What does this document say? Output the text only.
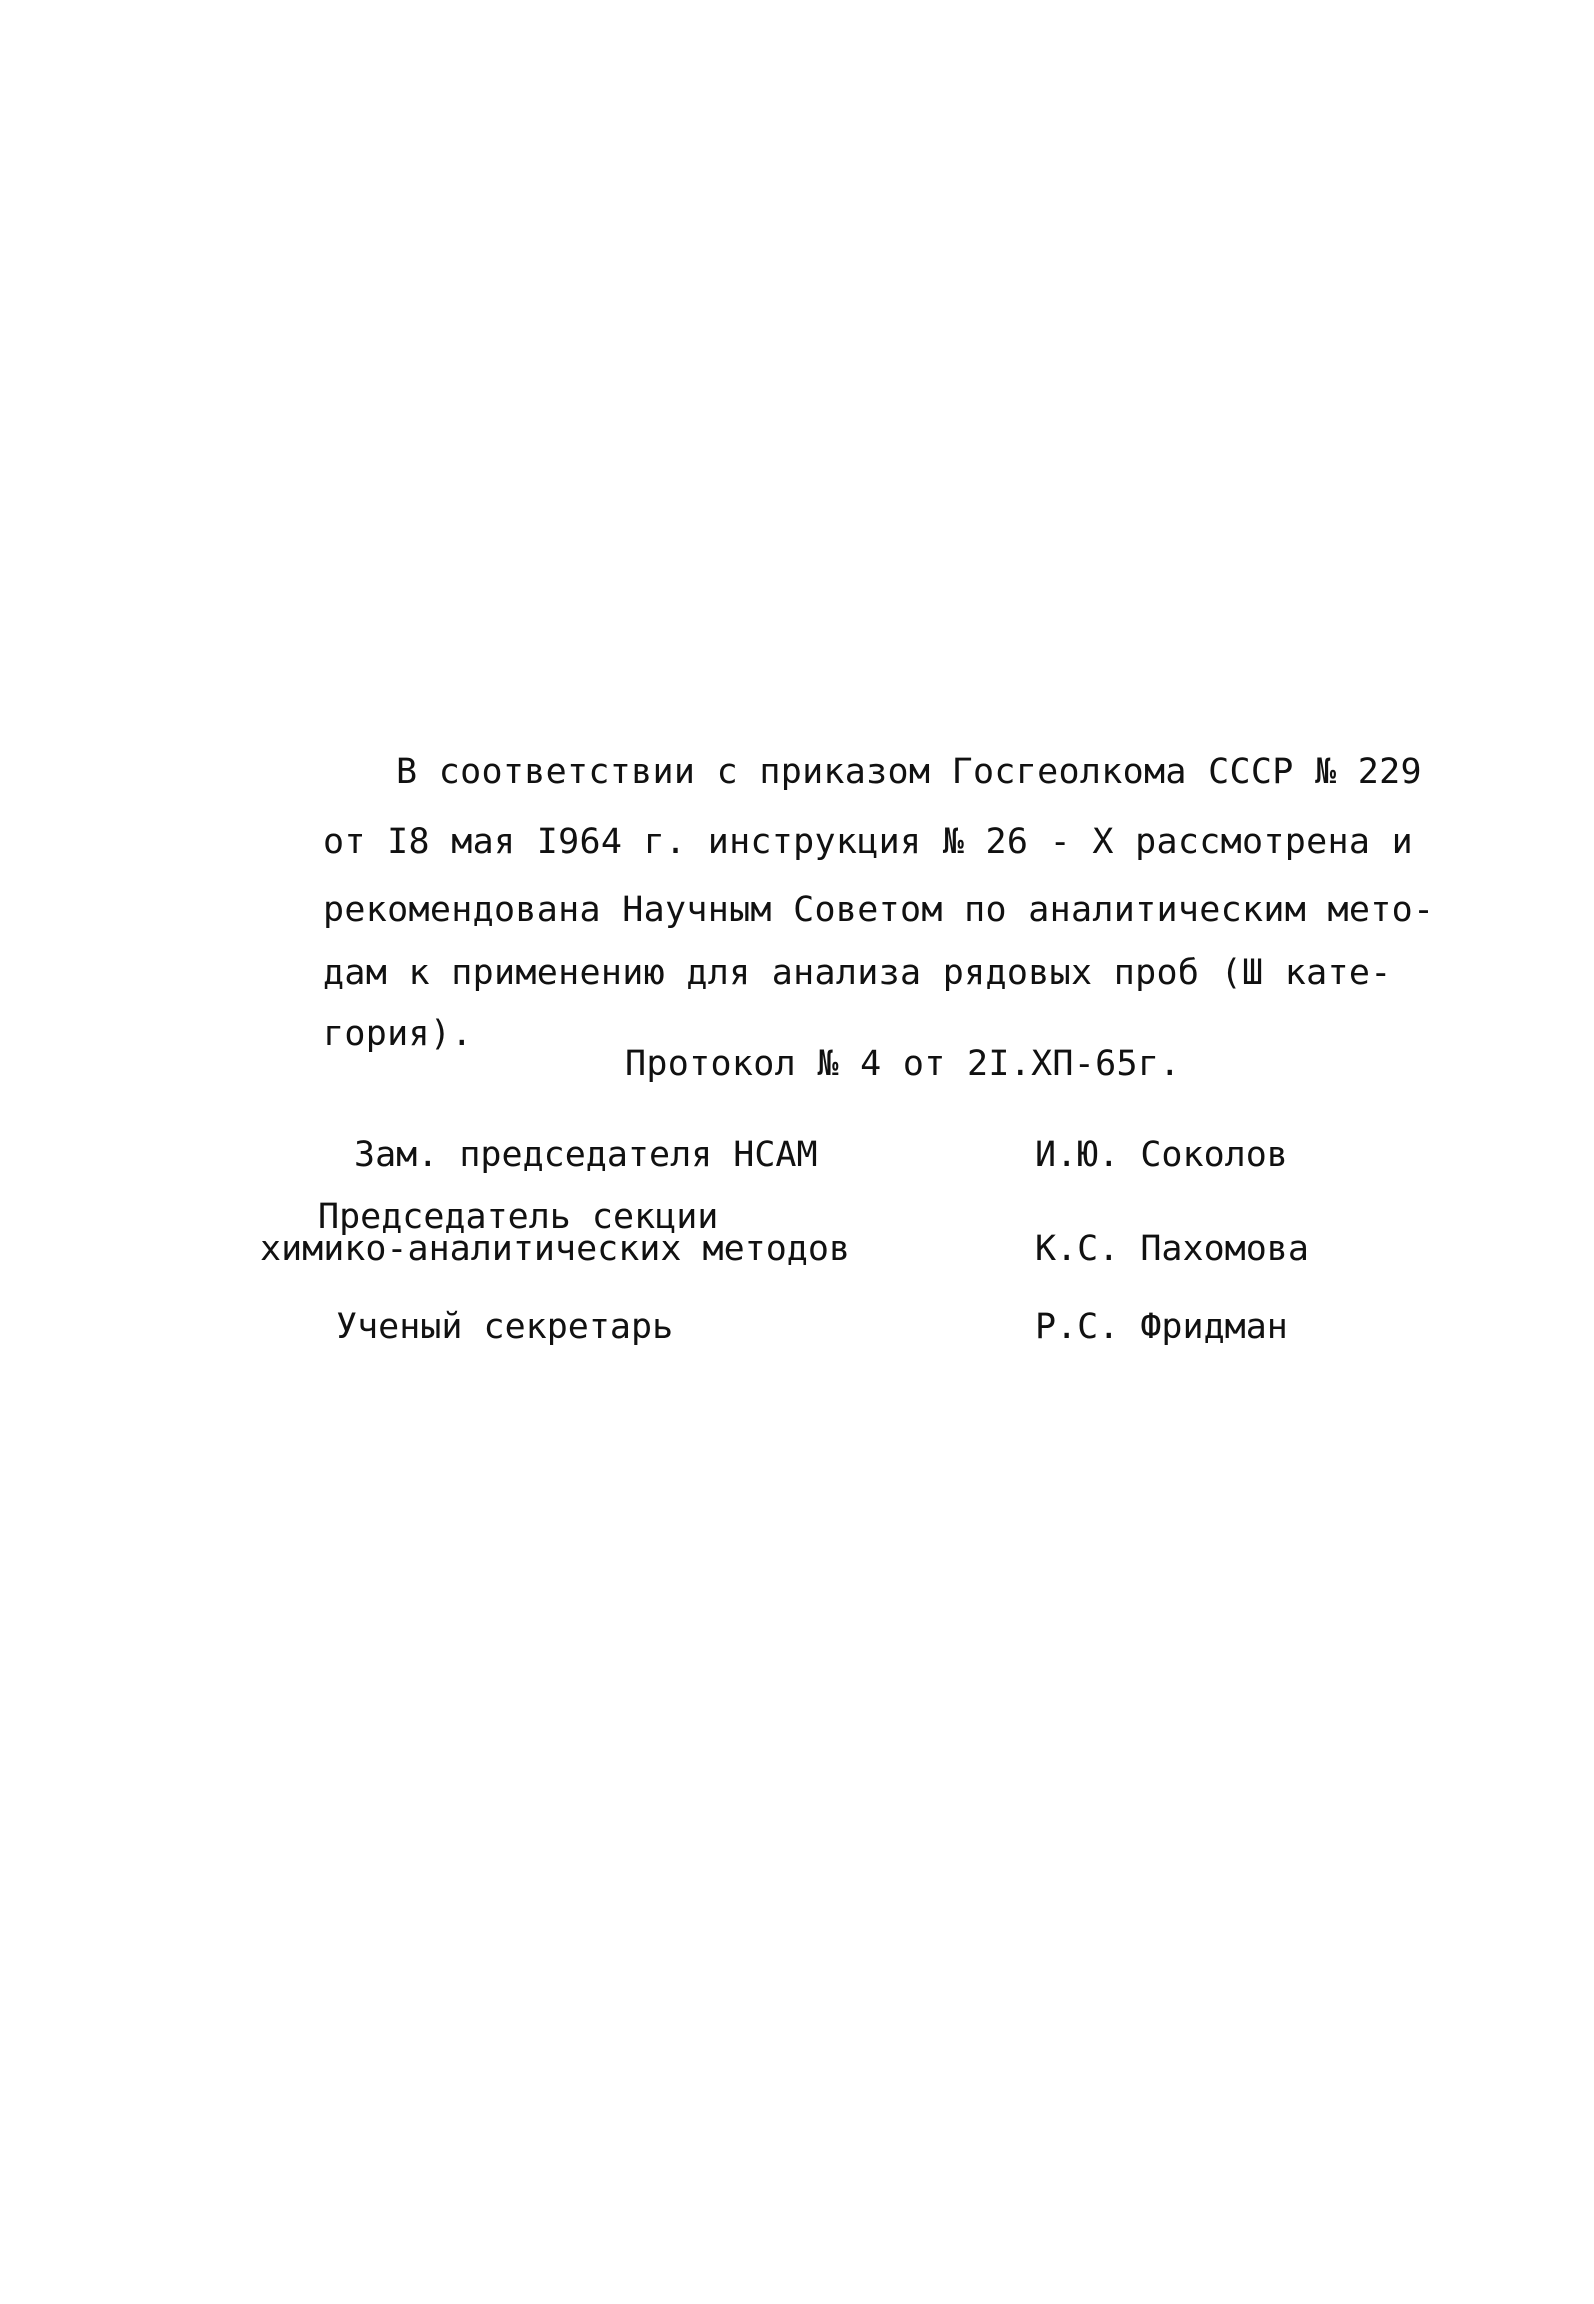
В соответствии с приказом Госгеолкома СССР № 229
от I8 мая I964 г. инструкция № 26 - X рассмотрена и
рекомендована Научным Советом по аналитическим мето-
дам к применению для анализа рядовых проб (Ш кате-
гория).
Протокол № 4 от 2I.XП-65г.
Зам. председателя НСАМ	И.Ю. Соколов
Председатель секции
химико-аналитических методов	К.С. Пахомова
Ученый секретарь	Р.С. Фридман
